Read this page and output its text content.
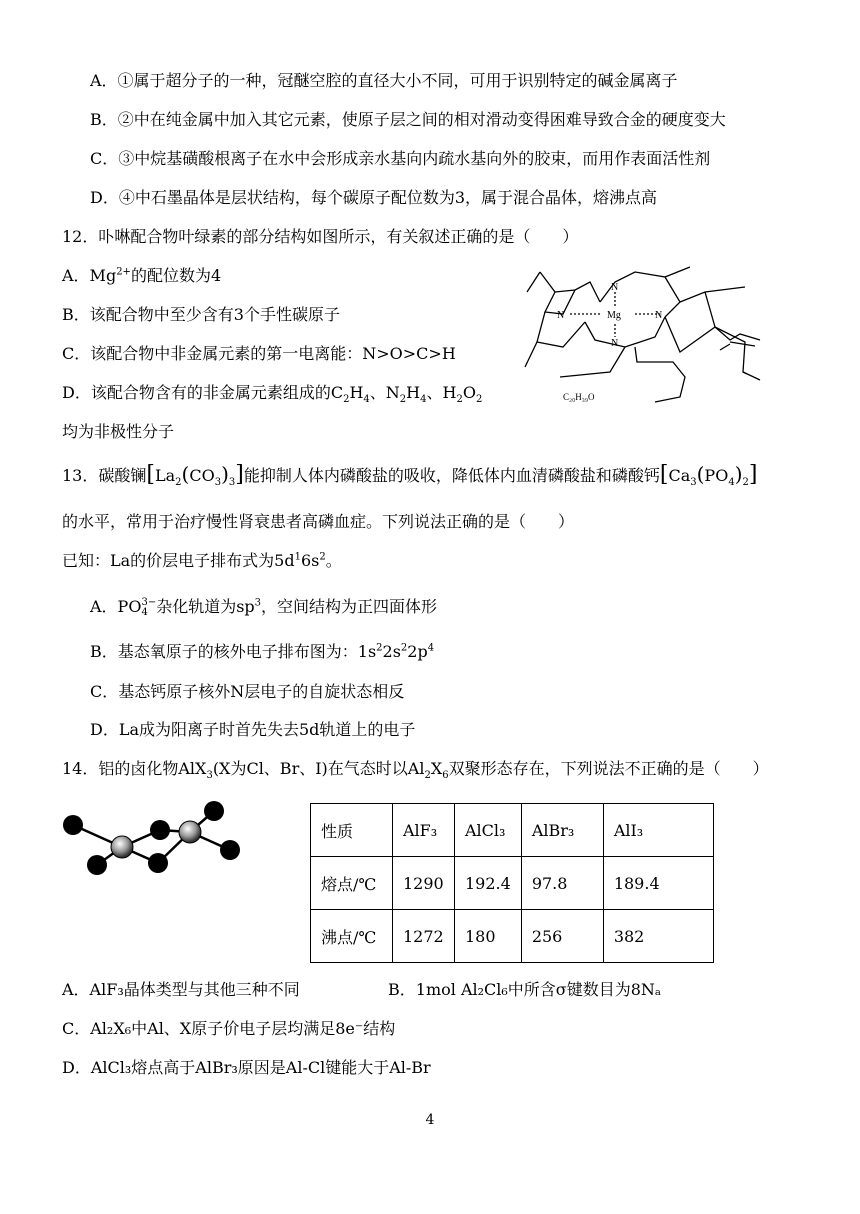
A．①属于超分子的一种，冠醚空腔的直径大小不同，可用于识别特定的碱金属离子
B．②中在纯金属中加入其它元素，使原子层之间的相对滑动变得困难导致合金的硬度变大
C．③中烷基磺酸根离子在水中会形成亲水基向内疏水基向外的胶束，而用作表面活性剂
D．④中石墨晶体是层状结构，每个碳原子配位数为3，属于混合晶体，熔沸点高
12．卟啉配合物叶绿素的部分结构如图所示，有关叙述正确的是（　　）
A．$Mg^{2+}$的配位数为4
B．该配合物中至少含有3个手性碳原子
C．该配合物中非金属元素的第一电离能：N>O>C>H
D．该配合物含有的非金属元素组成的$C_2H_4$、$N_2H_4$、$H_2O_2$
均为非极性分子
Mg
N	N
N
N
C₂₀H₃₉O
13．碳酸镧$[La_2(CO_3)_3]$能抑制人体内磷酸盐的吸收，降低体内血清磷酸盐和磷酸钙$[Ca_3(PO_4)_2]$
的水平，常用于治疗慢性肾衰患者高磷血症。下列说法正确的是（　　）
已知：La的价层电子排布式为$5d^16s^2$。
A．PO 3−
4 杂化轨道为$sp^3$，空间结构为正四面体形
B．基态氧原子的核外电子排布图为：$1s^22s^22p^4$
C．基态钙原子核外N层电子的自旋状态相反
D．La成为阳离子时首先失去5d轨道上的电子
14．铝的卤化物AlX$_3$(X为Cl、Br、I)在气态时以$Al_2X_6$双聚形态存在，下列说法不正确的是（　　）
性质	AlF₃	AlCl₃	AlBr₃	AlI₃
熔点/℃	1290	192.4	97.8	189.4
沸点/℃	1272	180	256	382
A．AlF₃晶体类型与其他三种不同	B．1mol Al₂Cl₆中所含σ键数目为8Nₐ
C．Al₂X₆中Al、X原子价电子层均满足8e⁻结构
D．AlCl₃熔点高于AlBr₃原因是Al-Cl键能大于Al-Br
4
